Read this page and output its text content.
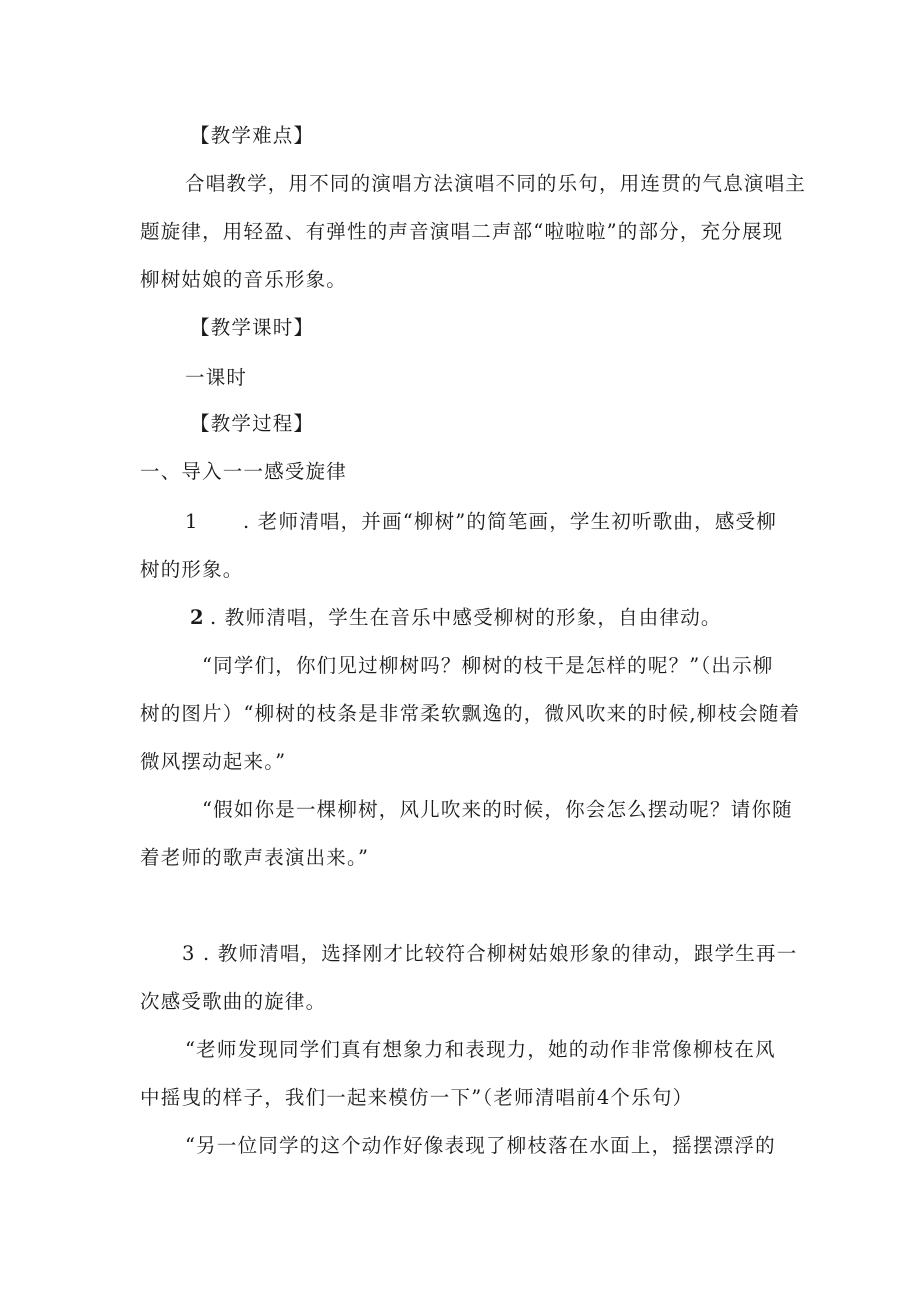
【教学难点】
合唱教学，用不同的演唱方法演唱不同的乐句，用连贯的气息演唱主
题旋律，用轻盈、有弹性的声音演唱二声部“啦啦啦”的部分，充分展现
柳树姑娘的音乐形象。
【教学课时】
一课时
【教学过程】
一、导入一一感受旋律
1 . 老师清唱，并画“柳树”的简笔画，学生初听歌曲，感受柳
树的形象。
2 . 教师清唱，学生在音乐中感受柳树的形象，自由律动。
“同学们，你们见过柳树吗？柳树的枝干是怎样的呢？”（出示柳
树的图片）“柳树的枝条是非常柔软飘逸的，微风吹来的时候,柳枝会随着
微风摆动起来。”
“假如你是一棵柳树，风儿吹来的时候，你会怎么摆动呢？请你随
着老师的歌声表演出来。”
3 . 教师清唱，选择刚才比较符合柳树姑娘形象的律动，跟学生再一
次感受歌曲的旋律。
“老师发现同学们真有想象力和表现力，她的动作非常像柳枝在风
中摇曳的样子，我们一起来模仿一下”（老师清唱前4个乐句）
“另一位同学的这个动作好像表现了柳枝落在水面上，摇摆漂浮的
